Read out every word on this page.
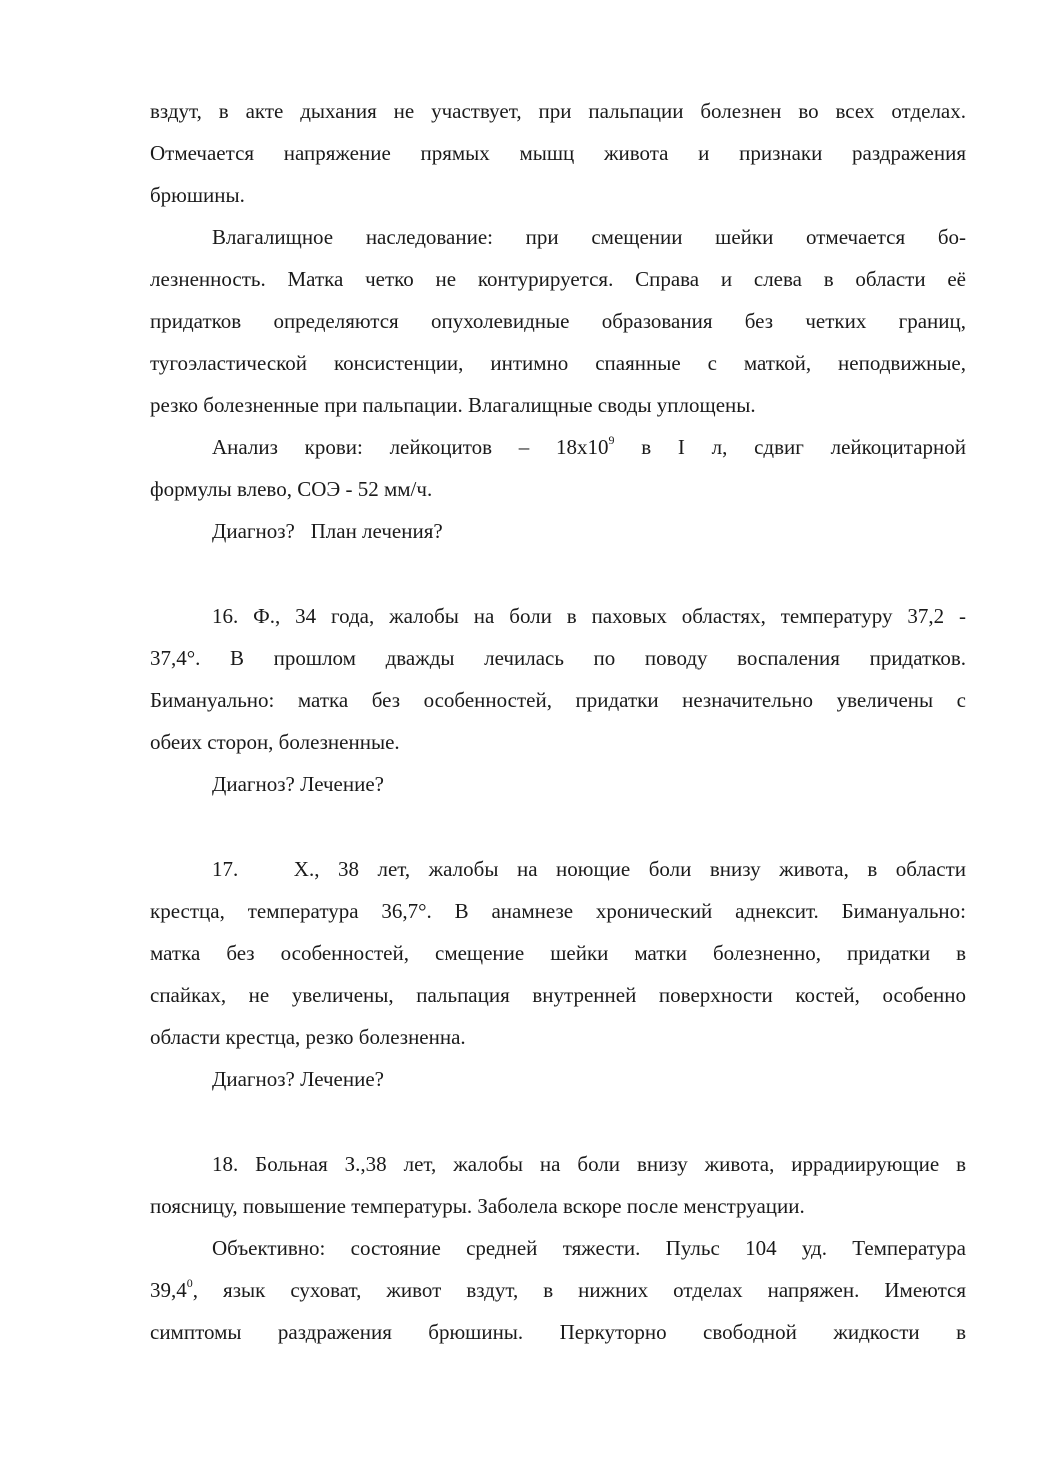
вздут, в акте дыхания не участвует, при пальпации болезнен во всех отделах.
Отмечается напряжение прямых мышц живота и признаки раздражения
брюшины.
Влагалищное наследование: при смещении шейки отмечается бо-
лезненность. Матка четко не контурируется. Справа и слева в области её
придатков определяются опухолевидные образования без четких границ,
тугоэластической консистенции, интимно спаянные с маткой, неподвижные,
резко болезненные при пальпации. Влагалищные своды уплощены.
Анализ крови: лейкоцитов – $18x10^9$ в I л, сдвиг лейкоцитарной
формулы влево, СОЭ - 52 мм/ч.
Диагноз?   План лечения?
16. Ф., 34 года, жалобы на боли в паховых областях, температуру 37,2 -
37,4°. В прошлом дважды лечилась по поводу воспаления придатков.
Бимануально: матка без особенностей, придатки незначительно увеличены с
обеих сторон, болезненные.
Диагноз? Лечение?
17.   Х., 38 лет, жалобы на ноющие боли внизу живота, в области
крестца, температура 36,7°. В анамнезе хронический аднексит. Бимануально:
матка без особенностей, смещение шейки матки болезненно, придатки в
спайках, не увеличены, пальпация внутренней поверхности костей, особенно
области крестца, резко болезненна.
Диагноз? Лечение?
18. Больная З.,38 лет, жалобы на боли внизу живота, иррадиирующие в
поясницу, повышение температуры. Заболела вскоре после менструации.
Объективно: состояние средней тяжести. Пульс 104 уд. Температура
39,4$^0$, язык суховат, живот вздут, в нижних отделах напряжен. Имеются
симптомы раздражения брюшины. Перкуторно свободной жидкости в
